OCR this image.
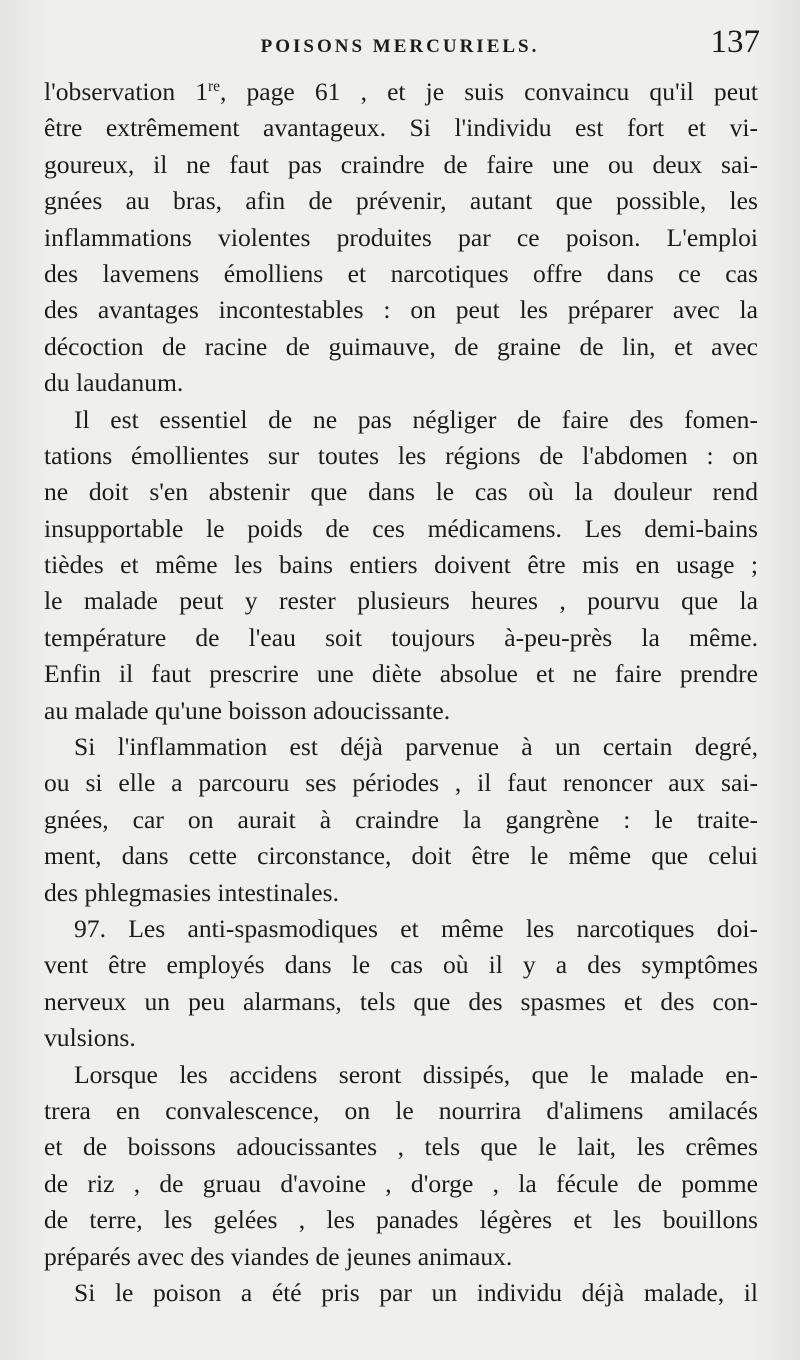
POISONS MERCURIELS.	137
l'observation 1re, page 61 , et je suis convaincu qu'il peut
être extrêmement avantageux. Si l'individu est fort et vi-
goureux, il ne faut pas craindre de faire une ou deux sai-
gnées au bras, afin de prévenir, autant que possible, les
inflammations violentes produites par ce poison. L'emploi
des lavemens émolliens et narcotiques offre dans ce cas
des avantages incontestables : on peut les préparer avec la
décoction de racine de guimauve, de graine de lin, et avec
du laudanum.
Il est essentiel de ne pas négliger de faire des fomen-
tations émollientes sur toutes les régions de l'abdomen : on
ne doit s'en abstenir que dans le cas où la douleur rend
insupportable le poids de ces médicamens. Les demi-bains
tièdes et même les bains entiers doivent être mis en usage ;
le malade peut y rester plusieurs heures , pourvu que la
température de l'eau soit toujours à-peu-près la même.
Enfin il faut prescrire une diète absolue et ne faire prendre
au malade qu'une boisson adoucissante.
Si l'inflammation est déjà parvenue à un certain degré,
ou si elle a parcouru ses périodes , il faut renoncer aux sai-
gnées, car on aurait à craindre la gangrène : le traite-
ment, dans cette circonstance, doit être le même que celui
des phlegmasies intestinales.
97. Les anti-spasmodiques et même les narcotiques doi-
vent être employés dans le cas où il y a des symptômes
nerveux un peu alarmans, tels que des spasmes et des con-
vulsions.
Lorsque les accidens seront dissipés, que le malade en-
trera en convalescence, on le nourrira d'alimens amilacés
et de boissons adoucissantes , tels que le lait, les crêmes
de riz , de gruau d'avoine , d'orge , la fécule de pomme
de terre, les gelées , les panades légères et les bouillons
préparés avec des viandes de jeunes animaux.
Si le poison a été pris par un individu déjà malade, il
